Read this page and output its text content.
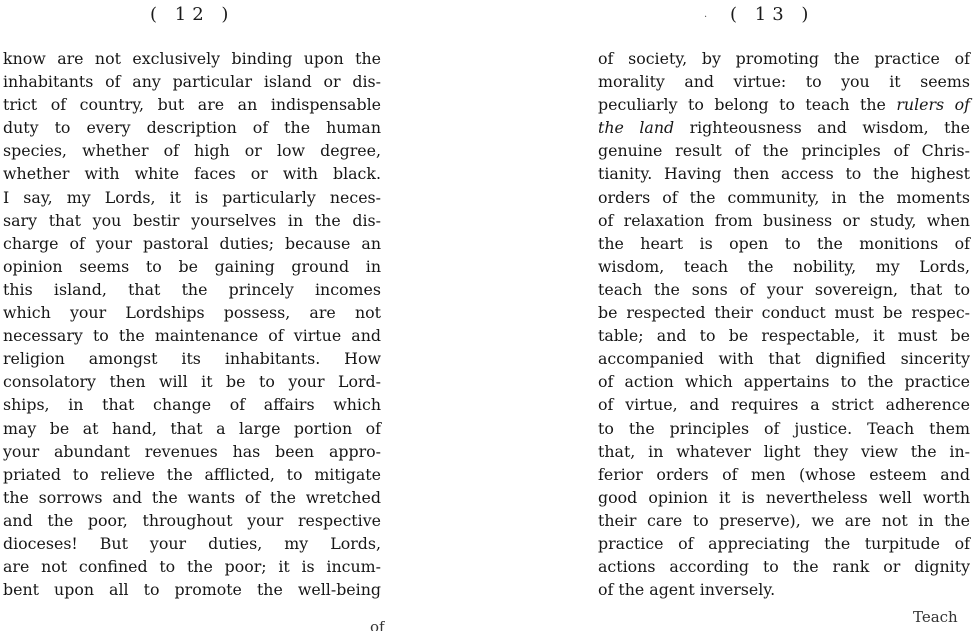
( 12 )
know are not exclusively binding upon the
inhabitants of any particular island or dis-
trict of country, but are an indispensable
duty to every description of the human
species, whether of high or low degree,
whether with white faces or with black.
I say, my Lords, it is particularly neces-
sary that you bestir yourselves in the dis-
charge of your pastoral duties; because an
opinion seems to be gaining ground in
this island, that the princely incomes
which your Lordships possess, are not
necessary to the maintenance of virtue and
religion amongst its inhabitants. How
consolatory then will it be to your Lord-
ships, in that change of affairs which
may be at hand, that a large portion of
your abundant revenues has been appro-
priated to relieve the afflicted, to mitigate
the sorrows and the wants of the wretched
and the poor, throughout your respective
dioceses! But your duties, my Lords,
are not confined to the poor; it is incum-
bent upon all to promote the well-being
of
· ( 13 )
of society, by promoting the practice of
morality and virtue: to you it seems
peculiarly to belong to teach the rulers of
the land righteousness and wisdom, the
genuine result of the principles of Chris-
tianity. Having then access to the highest
orders of the community, in the moments
of relaxation from business or study, when
the heart is open to the monitions of
wisdom, teach the nobility, my Lords,
teach the sons of your sovereign, that to
be respected their conduct must be respec-
table; and to be respectable, it must be
accompanied with that dignified sincerity
of action which appertains to the practice
of virtue, and requires a strict adherence
to the principles of justice. Teach them
that, in whatever light they view the in-
ferior orders of men (whose esteem and
good opinion it is nevertheless well worth
their care to preserve), we are not in the
practice of appreciating the turpitude of
actions according to the rank or dignity
of the agent inversely.
Teach
